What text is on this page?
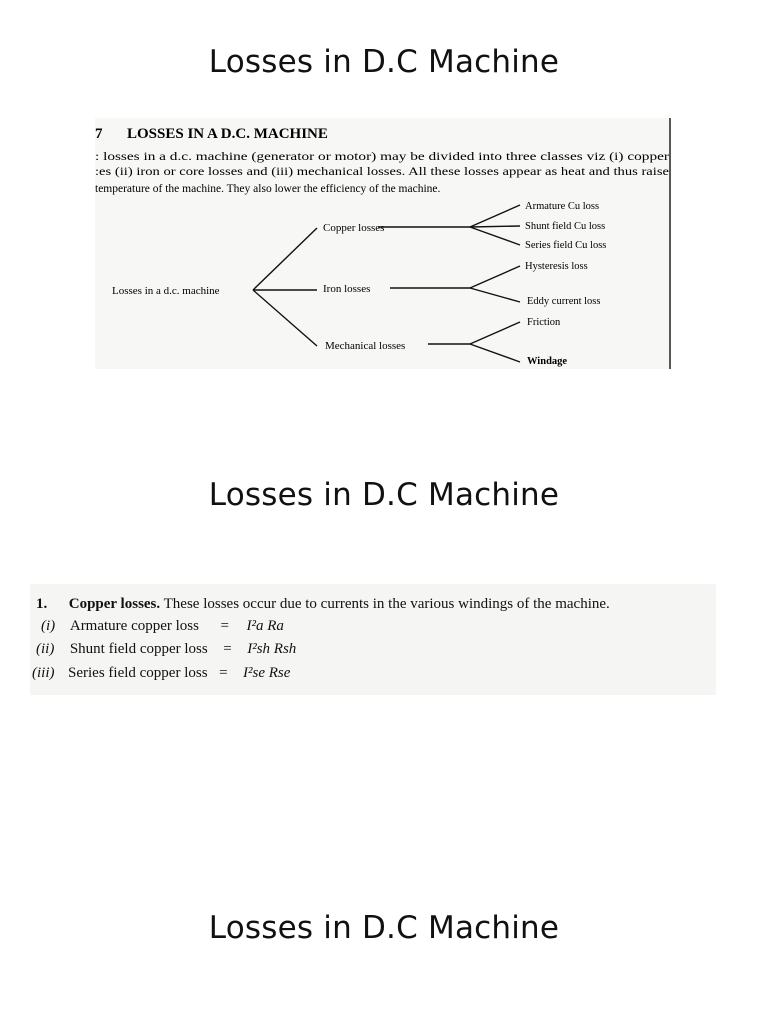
Losses in D.C Machine
7 LOSSES IN A D.C. MACHINE
: losses in a d.c. machine (generator or motor) may be divided into three classes viz (i) copper
:es (ii) iron or core losses and (iii) mechanical losses. All these losses appear as heat and thus raise
temperature of the machine. They also lower the efficiency of the machine.
Losses in a d.c. machine
Copper losses
Iron losses
Mechanical losses
Armature Cu loss
Shunt field Cu loss
Series field Cu loss
Hysteresis loss
Eddy current loss
Friction
Windage
Losses in D.C Machine
1. Copper losses. These losses occur due to currents in the various windings of the machine.
(i) Armature copper loss = I²a Ra
(ii) Shunt field copper loss = I²sh Rsh
(iii) Series field copper loss = I²se Rse
Losses in D.C Machine
